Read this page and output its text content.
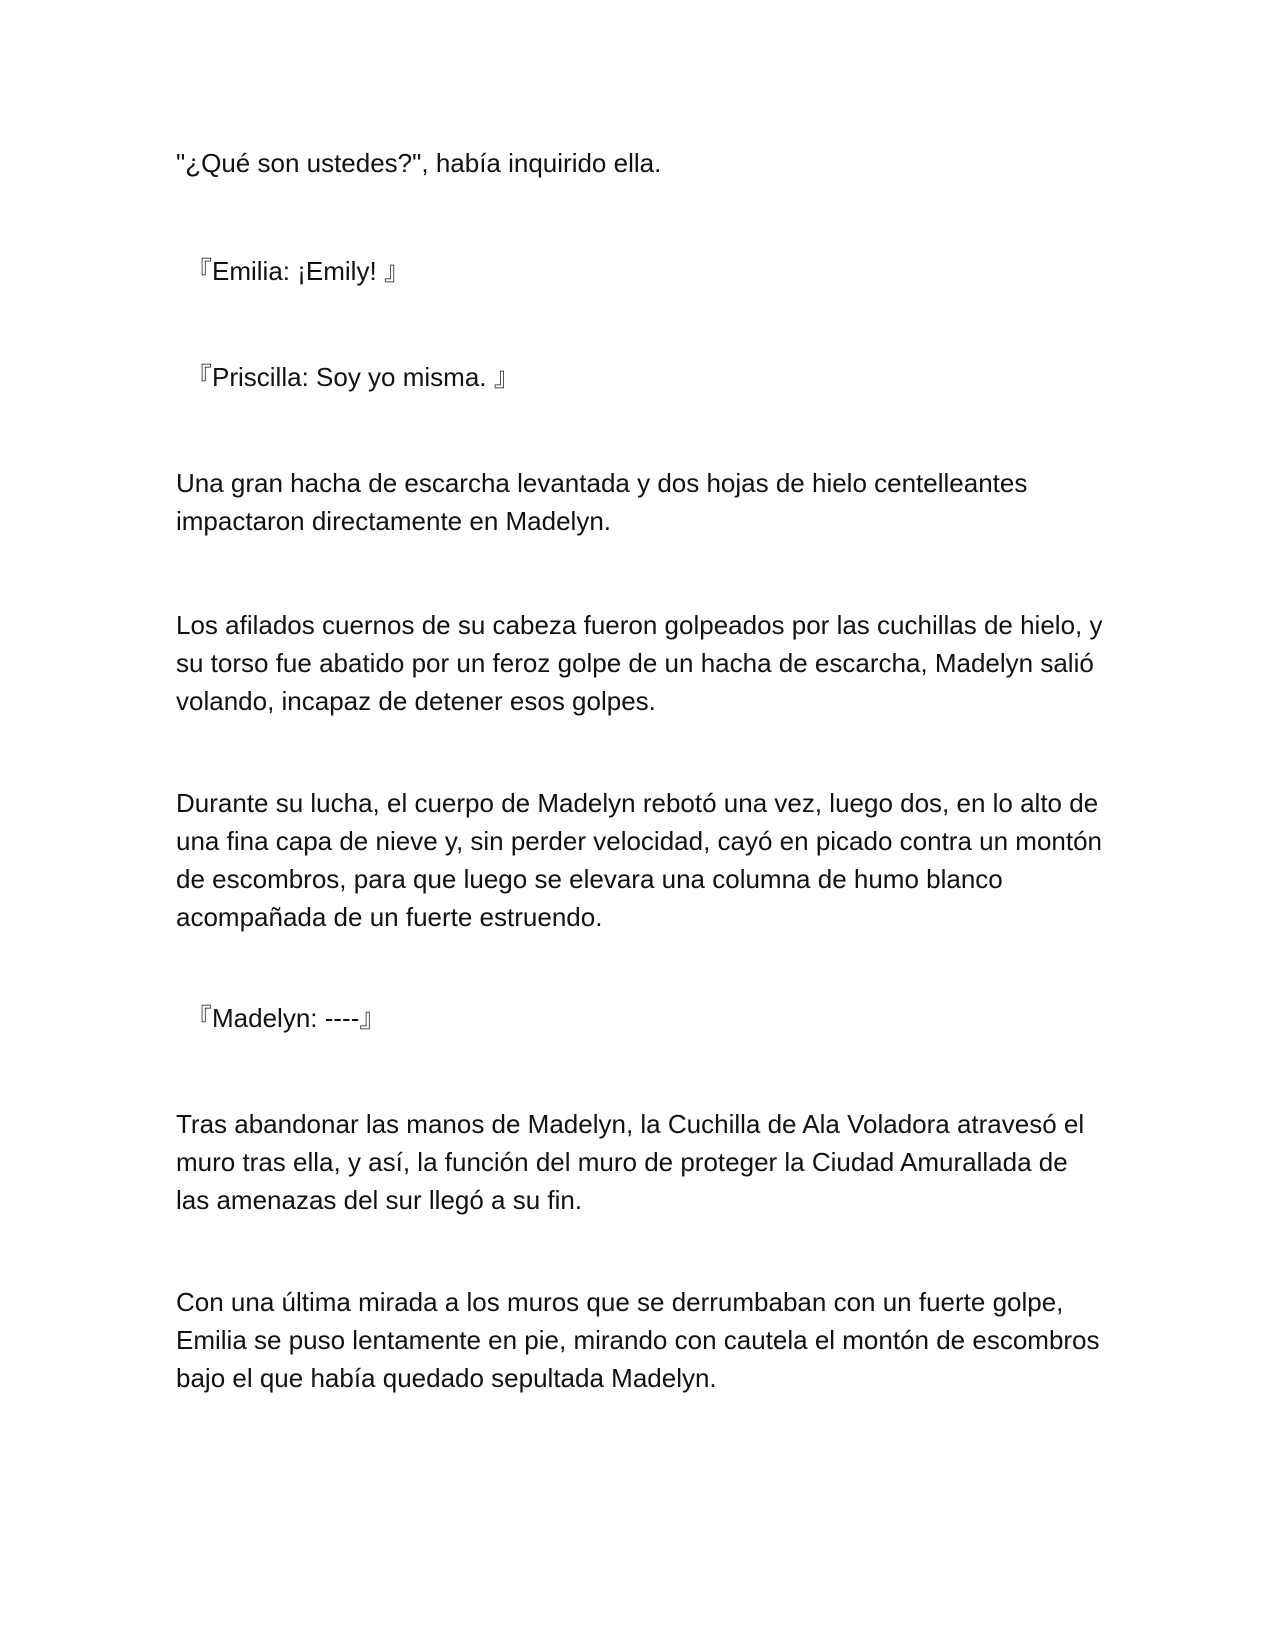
"¿Qué son ustedes?", había inquirido ella.

『Emilia: ¡Emily! 』

『Priscilla: Soy yo misma. 』

Una gran hacha de escarcha levantada y dos hojas de hielo centelleantes impactaron directamente en Madelyn.

Los afilados cuernos de su cabeza fueron golpeados por las cuchillas de hielo, y su torso fue abatido por un feroz golpe de un hacha de escarcha, Madelyn salió volando, incapaz de detener esos golpes.

Durante su lucha, el cuerpo de Madelyn rebotó una vez, luego dos, en lo alto de una fina capa de nieve y, sin perder velocidad, cayó en picado contra un montón de escombros, para que luego se elevara una columna de humo blanco acompañada de un fuerte estruendo.

『Madelyn: ----』

Tras abandonar las manos de Madelyn, la Cuchilla de Ala Voladora atravesó el muro tras ella, y así, la función del muro de proteger la Ciudad Amurallada de las amenazas del sur llegó a su fin.

Con una última mirada a los muros que se derrumbaban con un fuerte golpe, Emilia se puso lentamente en pie, mirando con cautela el montón de escombros bajo el que había quedado sepultada Madelyn.
